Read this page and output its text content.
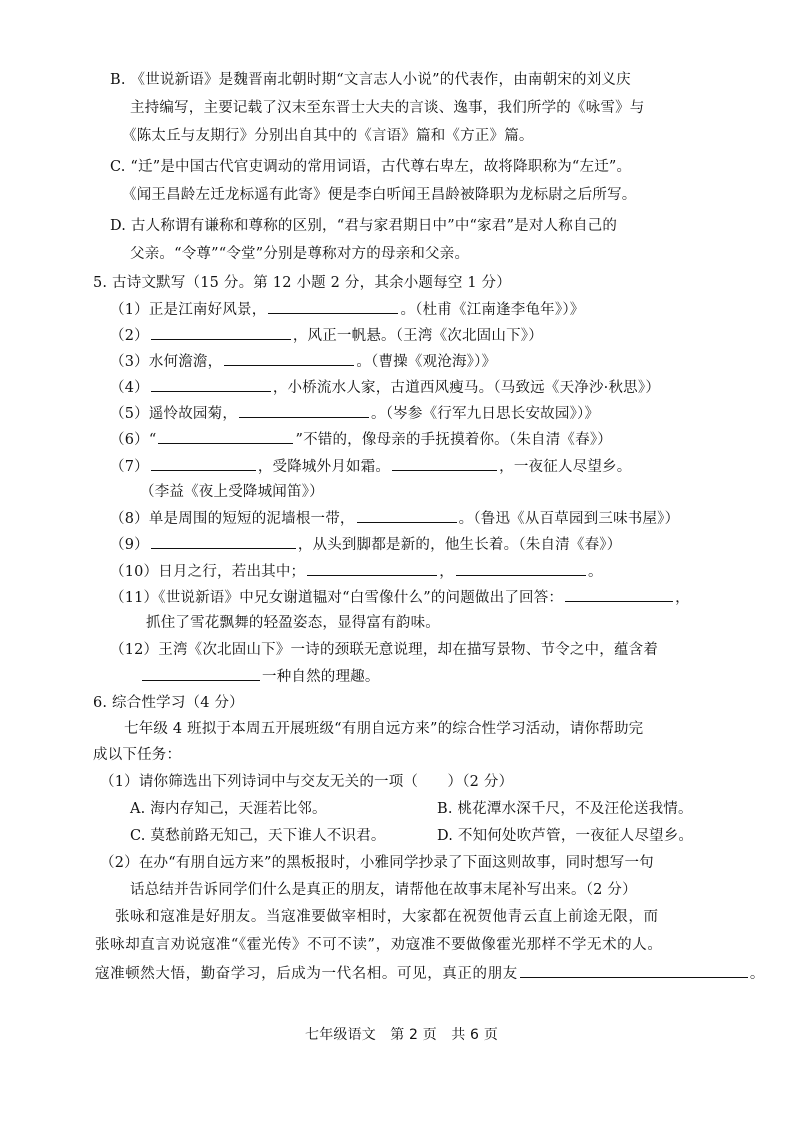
B. 《世说新语》是魏晋南北朝时期“文言志人小说”的代表作，由南朝宋的刘义庆
主持编写，主要记载了汉末至东晋士大夫的言谈、逸事，我们所学的《咏雪》与
《陈太丘与友期行》分别出自其中的《言语》篇和《方正》篇。
C. “迁”是中国古代官吏调动的常用词语，古代尊右卑左，故将降职称为“左迁”。
《闻王昌龄左迁龙标遥有此寄》便是李白听闻王昌龄被降职为龙标尉之后所写。
D. 古人称谓有谦称和尊称的区别，“君与家君期日中”中“家君”是对人称自己的
父亲。“令尊”“令堂”分别是尊称对方的母亲和父亲。
5. 古诗文默写（15 分。第 12 小题 2 分，其余小题每空 1 分）
（1）正是江南好风景，	。（杜甫《江南逢李龟年》）》
（2）	，风正一帆悬。（王湾《次北固山下》）
（3）水何澹澹，	。（曹操《观沧海》）》
（4）	，小桥流水人家，古道西风瘦马。（马致远《天净沙·秋思》）
（5）遥怜故园菊，	。（岑参《行军九日思长安故园》）》
（6）“	”不错的，像母亲的手抚摸着你。（朱自清《春》）
（7）	，受降城外月如霜。	，一夜征人尽望乡。
（李益《夜上受降城闻笛》）
（8）单是周围的短短的泥墙根一带，	。（鲁迅《从百草园到三味书屋》）
（9）	，从头到脚都是新的，他生长着。（朱自清《春》）
（10）日月之行，若出其中；	，	。
（11）《世说新语》中兄女谢道韫对“白雪像什么”的问题做出了回答：	，
抓住了雪花飘舞的轻盈姿态，显得富有韵味。
（12）王湾《次北固山下》一诗的颈联无意说理，却在描写景物、节令之中，蕴含着
一种自然的理趣。
6. 综合性学习（4 分）
七年级 4 班拟于本周五开展班级“有朋自远方来”的综合性学习活动，请你帮助完
成以下任务：
（1）请你筛选出下列诗词中与交友无关的一项（　　）（2 分）
A. 海内存知己，天涯若比邻。	B. 桃花潭水深千尺，不及汪伦送我情。
C. 莫愁前路无知己，天下谁人不识君。	D. 不知何处吹芦管，一夜征人尽望乡。
（2）在办“有朋自远方来”的黑板报时，小雅同学抄录了下面这则故事，同时想写一句
话总结并告诉同学们什么是真正的朋友，请帮他在故事末尾补写出来。（2 分）
张咏和寇准是好朋友。当寇准要做宰相时，大家都在祝贺他青云直上前途无限，而
张咏却直言劝说寇准“《霍光传》不可不读”，劝寇准不要做像霍光那样不学无术的人。
寇准顿然大悟，勤奋学习，后成为一代名相。可见，真正的朋友	。
七年级语文　第 2 页　共 6 页
